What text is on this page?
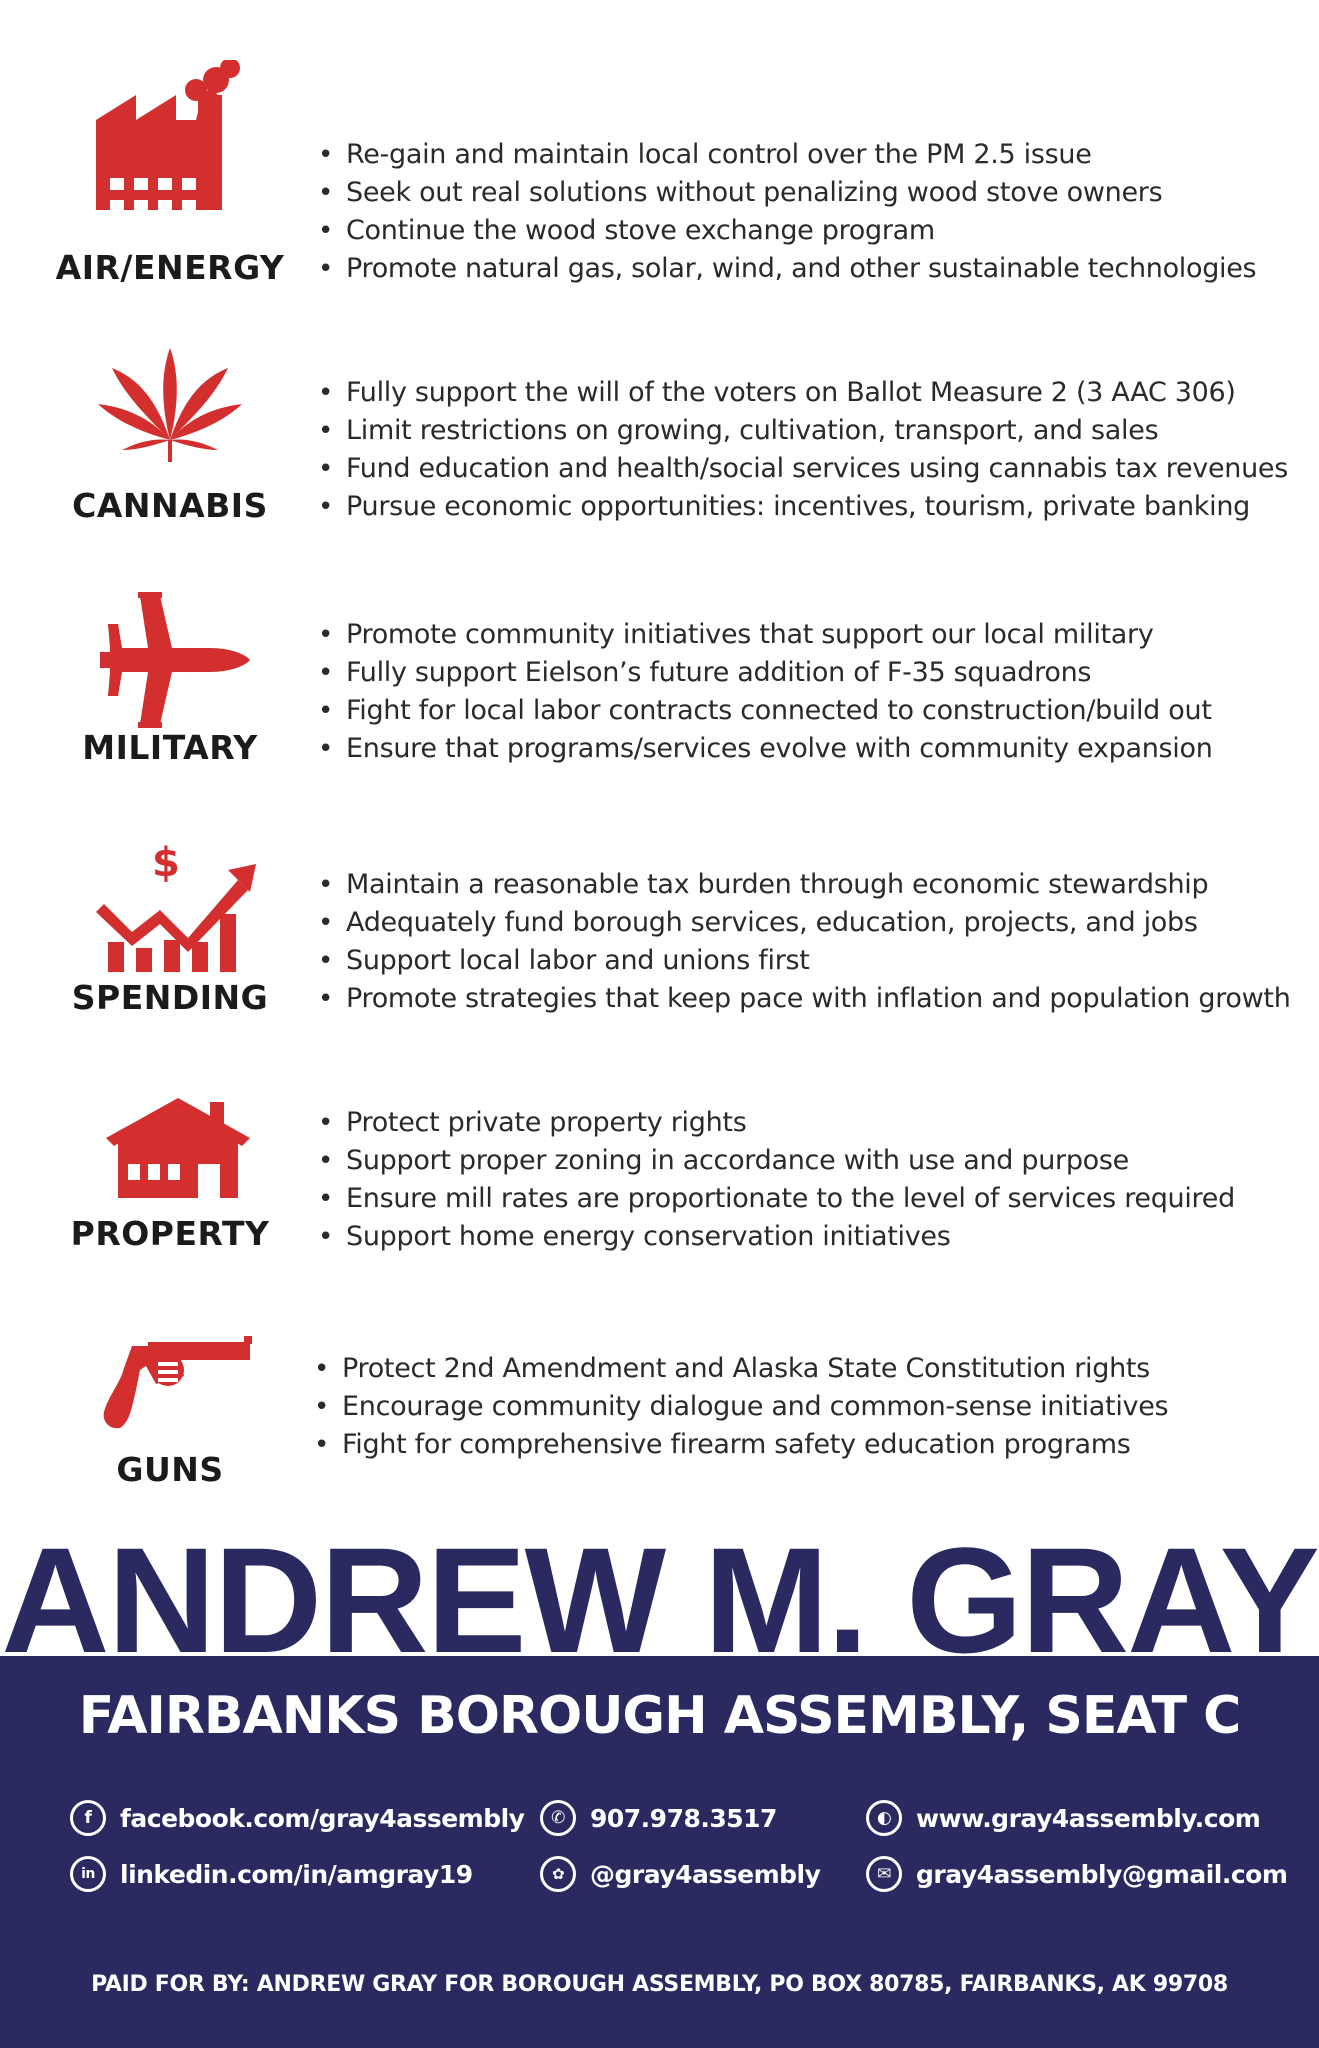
AIR/ENERGY
• Re-gain and maintain local control over the PM 2.5 issue
• Seek out real solutions without penalizing wood stove owners
• Continue the wood stove exchange program
• Promote natural gas, solar, wind, and other sustainable technologies
CANNABIS
• Fully support the will of the voters on Ballot Measure 2 (3 AAC 306)
• Limit restrictions on growing, cultivation, transport, and sales
• Fund education and health/social services using cannabis tax revenues
• Pursue economic opportunities: incentives, tourism, private banking
MILITARY
• Promote community initiatives that support our local military
• Fully support Eielson’s future addition of F-35 squadrons
• Fight for local labor contracts connected to construction/build out
• Ensure that programs/services evolve with community expansion
$
SPENDING
• Maintain a reasonable tax burden through economic stewardship
• Adequately fund borough services, education, projects, and jobs
• Support local labor and unions first
• Promote strategies that keep pace with inflation and population growth
PROPERTY
• Protect private property rights
• Support proper zoning in accordance with use and purpose
• Ensure mill rates are proportionate to the level of services required
• Support home energy conservation initiatives
GUNS
• Protect 2nd Amendment and Alaska State Constitution rights
• Encourage community dialogue and common-sense initiatives
• Fight for comprehensive firearm safety education programs
ANDREW M. GRAY
FAIRBANKS BOROUGH ASSEMBLY, SEAT C
f	facebook.com/gray4assembly
in	linkedin.com/in/amgray19
✆	907.978.3517
✿	@gray4assembly
◐ www.gray4assembly.com
✉	gray4assembly@gmail.com
PAID FOR BY: ANDREW GRAY FOR BOROUGH ASSEMBLY, PO BOX 80785, FAIRBANKS, AK 99708
